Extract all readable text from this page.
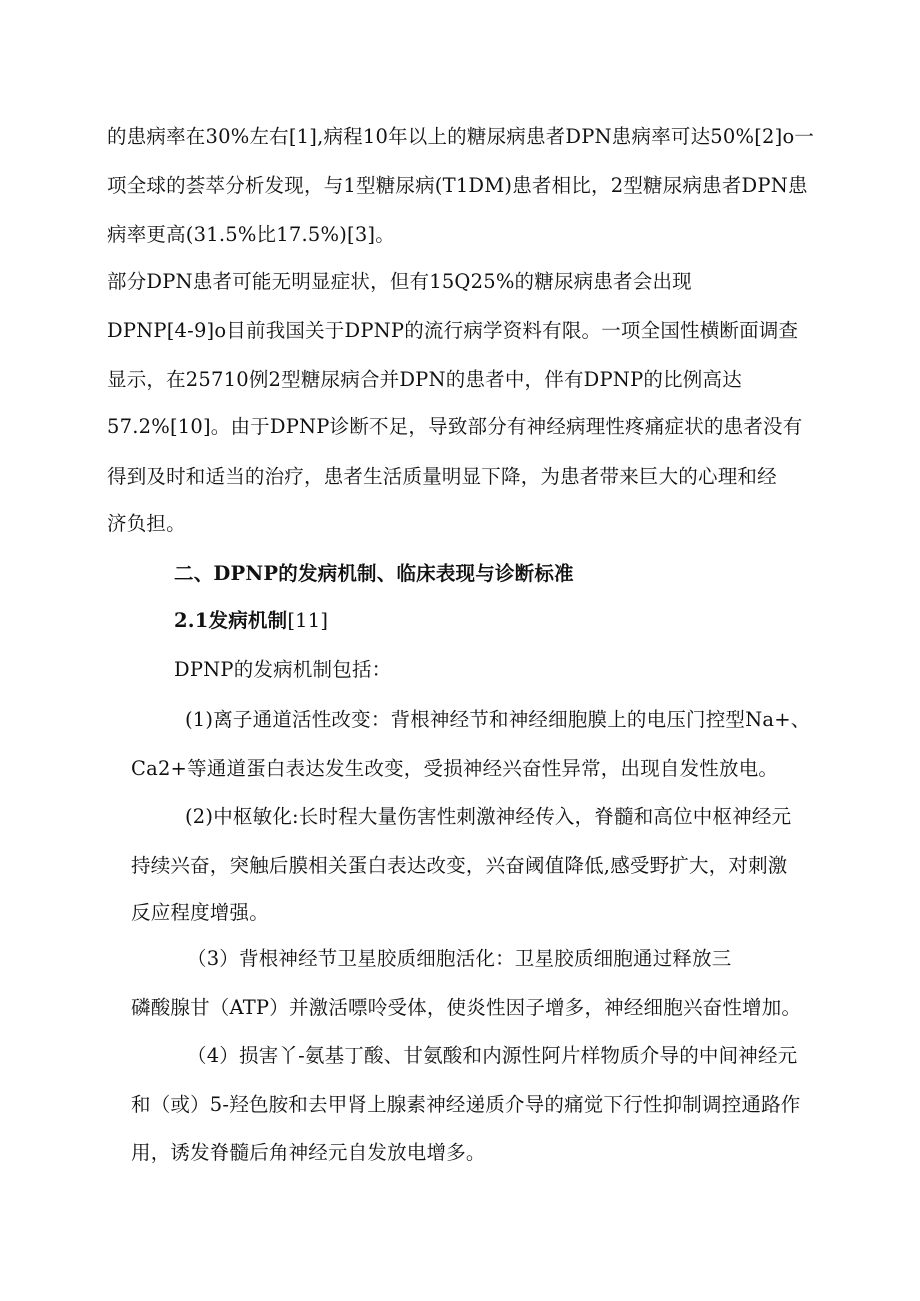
的患病率在30%左右[1],病程10年以上的糖尿病患者DPN患病率可达50%[2]o一

项全球的荟萃分析发现，与1型糖尿病(T1DM)患者相比，2型糖尿病患者DPN患

病率更高(31.5%比17.5%)[3]。

部分DPN患者可能无明显症状，但有15Q25%的糖尿病患者会出现

DPNP[4-9]o目前我国关于DPNP的流行病学资料有限。一项全国性横断面调查

显示，在25710例2型糖尿病合并DPN的患者中，伴有DPNP的比例高达

57.2%[10]。由于DPNP诊断不足，导致部分有神经病理性疼痛症状的患者没有

得到及时和适当的治疗，患者生活质量明显下降，为患者带来巨大的心理和经

济负担。

二、DPNP的发病机制、临床表现与诊断标准

2.1发病机制[11]

DPNP的发病机制包括：

(1)离子通道活性改变：背根神经节和神经细胞膜上的电压门控型Na+、

Ca2+等通道蛋白表达发生改变，受损神经兴奋性异常，出现自发性放电。

(2)中枢敏化:长时程大量伤害性刺激神经传入，脊髓和高位中枢神经元

持续兴奋，突触后膜相关蛋白表达改变，兴奋阈值降低,感受野扩大，对刺激

反应程度增强。

（3）背根神经节卫星胶质细胞活化：卫星胶质细胞通过释放三

磷酸腺甘（ATP）并激活嘌呤受体，使炎性因子增多，神经细胞兴奋性增加。

（4）损害丫-氨基丁酸、甘氨酸和内源性阿片样物质介导的中间神经元

和（或）5-羟色胺和去甲肾上腺素神经递质介导的痛觉下行性抑制调控通路作

用，诱发脊髓后角神经元自发放电增多。
